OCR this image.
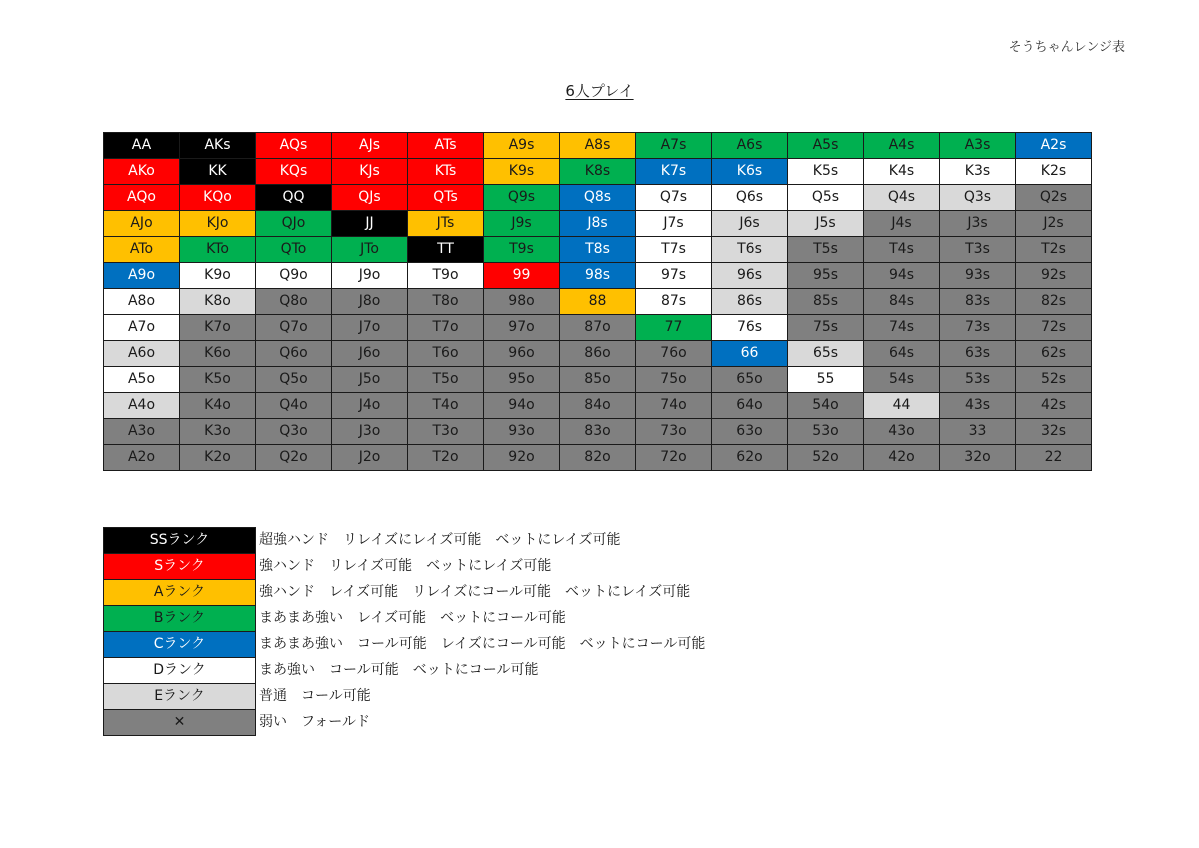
そうちゃんレンジ表
6人プレイ
AA	AKs	AQs	AJs	ATs	A9s	A8s	A7s	A6s	A5s	A4s	A3s	A2s
AKo	KK	KQs	KJs	KTs	K9s	K8s	K7s	K6s	K5s	K4s	K3s	K2s
AQo	KQo	QQ	QJs	QTs	Q9s	Q8s	Q7s	Q6s	Q5s	Q4s	Q3s	Q2s
AJo	KJo	QJo	JJ	JTs	J9s	J8s	J7s	J6s	J5s	J4s	J3s	J2s
ATo	KTo	QTo	JTo	TT	T9s	T8s	T7s	T6s	T5s	T4s	T3s	T2s
A9o	K9o	Q9o	J9o	T9o	99	98s	97s	96s	95s	94s	93s	92s
A8o	K8o	Q8o	J8o	T8o	98o	88	87s	86s	85s	84s	83s	82s
A7o	K7o	Q7o	J7o	T7o	97o	87o	77	76s	75s	74s	73s	72s
A6o	K6o	Q6o	J6o	T6o	96o	86o	76o	66	65s	64s	63s	62s
A5o	K5o	Q5o	J5o	T5o	95o	85o	75o	65o	55	54s	53s	52s
A4o	K4o	Q4o	J4o	T4o	94o	84o	74o	64o	54o	44	43s	42s
A3o	K3o	Q3o	J3o	T3o	93o	83o	73o	63o	53o	43o	33	32s
A2o	K2o	Q2o	J2o	T2o	92o	82o	72o	62o	52o	42o	32o	22
SSランク	超強ハンド　リレイズにレイズ可能　ベットにレイズ可能
Sランク	強ハンド　リレイズ可能　ベットにレイズ可能
Aランク	強ハンド　レイズ可能　リレイズにコール可能　ベットにレイズ可能
Bランク	まあまあ強い　レイズ可能　ベットにコール可能
Cランク	まあまあ強い　コール可能　レイズにコール可能　ベットにコール可能
Dランク	まあ強い　コール可能　ベットにコール可能
Eランク	普通　コール可能
✕	弱い　フォールド
